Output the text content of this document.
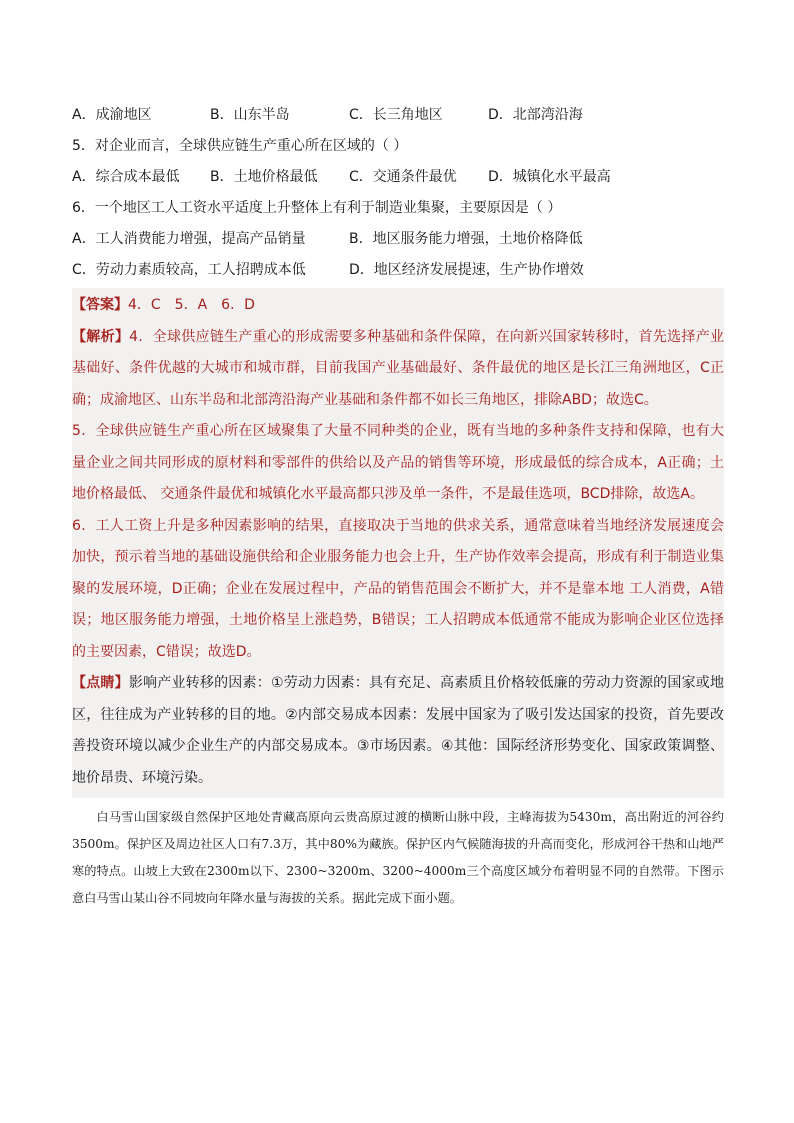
A．成渝地区	B．山东半岛	C．长三角地区	D．北部湾沿海
5．对企业而言，全球供应链生产重心所在区域的（ ）
A．综合成本最低 B．土地价格最低 C．交通条件最优 D．城镇化水平最高
6．一个地区工人工资水平适度上升整体上有利于制造业集聚，主要原因是（ ）
A．工人消费能力增强，提高产品销量	B．地区服务能力增强，土地价格降低
C．劳动力素质较高，工人招聘成本低	D．地区经济发展提速，生产协作增效

【答案】4．C　5．A　6．D

【解析】4．全球供应链生产重心的形成需要多种基础和条件保障，在向新兴国家转移时，首先选择产业基础好、条件优越的大城市和城市群，目前我国产业基础最好、条件最优的地区是长江三角洲地区，C正确；成渝地区、山东半岛和北部湾沿海产业基础和条件都不如长三角地区，排除ABD；故选C。

5．全球供应链生产重心所在区域聚集了大量不同种类的企业，既有当地的多种条件支持和保障，也有大量企业之间共同形成的原材料和零部件的供给以及产品的销售等环境，形成最低的综合成本，A正确；土地价格最低、 交通条件最优和城镇化水平最高都只涉及单一条件，不是最佳选项，BCD排除，故选A。

6．工人工资上升是多种因素影响的结果，直接取决于当地的供求关系，通常意味着当地经济发展速度会加快，预示着当地的基础设施供给和企业服务能力也会上升，生产协作效率会提高，形成有利于制造业集聚的发展环境，D正确；企业在发展过程中，产品的销售范围会不断扩大，并不是靠本地 工人消费，A错误；地区服务能力增强，土地价格呈上涨趋势，B错误；工人招聘成本低通常不能成为影响企业区位选择的主要因素，C错误；故选D。

【点睛】影响产业转移的因素：①劳动力因素：具有充足、高素质且价格较低廉的劳动力资源的国家或地区，往往成为产业转移的目的地。②内部交易成本因素：发展中国家为了吸引发达国家的投资，首先要改善投资环境以减少企业生产的内部交易成本。③市场因素。④其他：国际经济形势变化、国家政策调整、地价昂贵、环境污染。

白马雪山国家级自然保护区地处青藏高原向云贵高原过渡的横断山脉中段，主峰海拔为5430m，高出附近的河谷约3500m。保护区及周边社区人口有7.3万，其中80%为藏族。保护区内气候随海拔的升高而变化，形成河谷干热和山地严寒的特点。山坡上大致在2300m以下、2300~3200m、3200~4000m三个高度区域分布着明显不同的自然带。下图示意白马雪山某山谷不同坡向年降水量与海拔的关系。据此完成下面小题。
